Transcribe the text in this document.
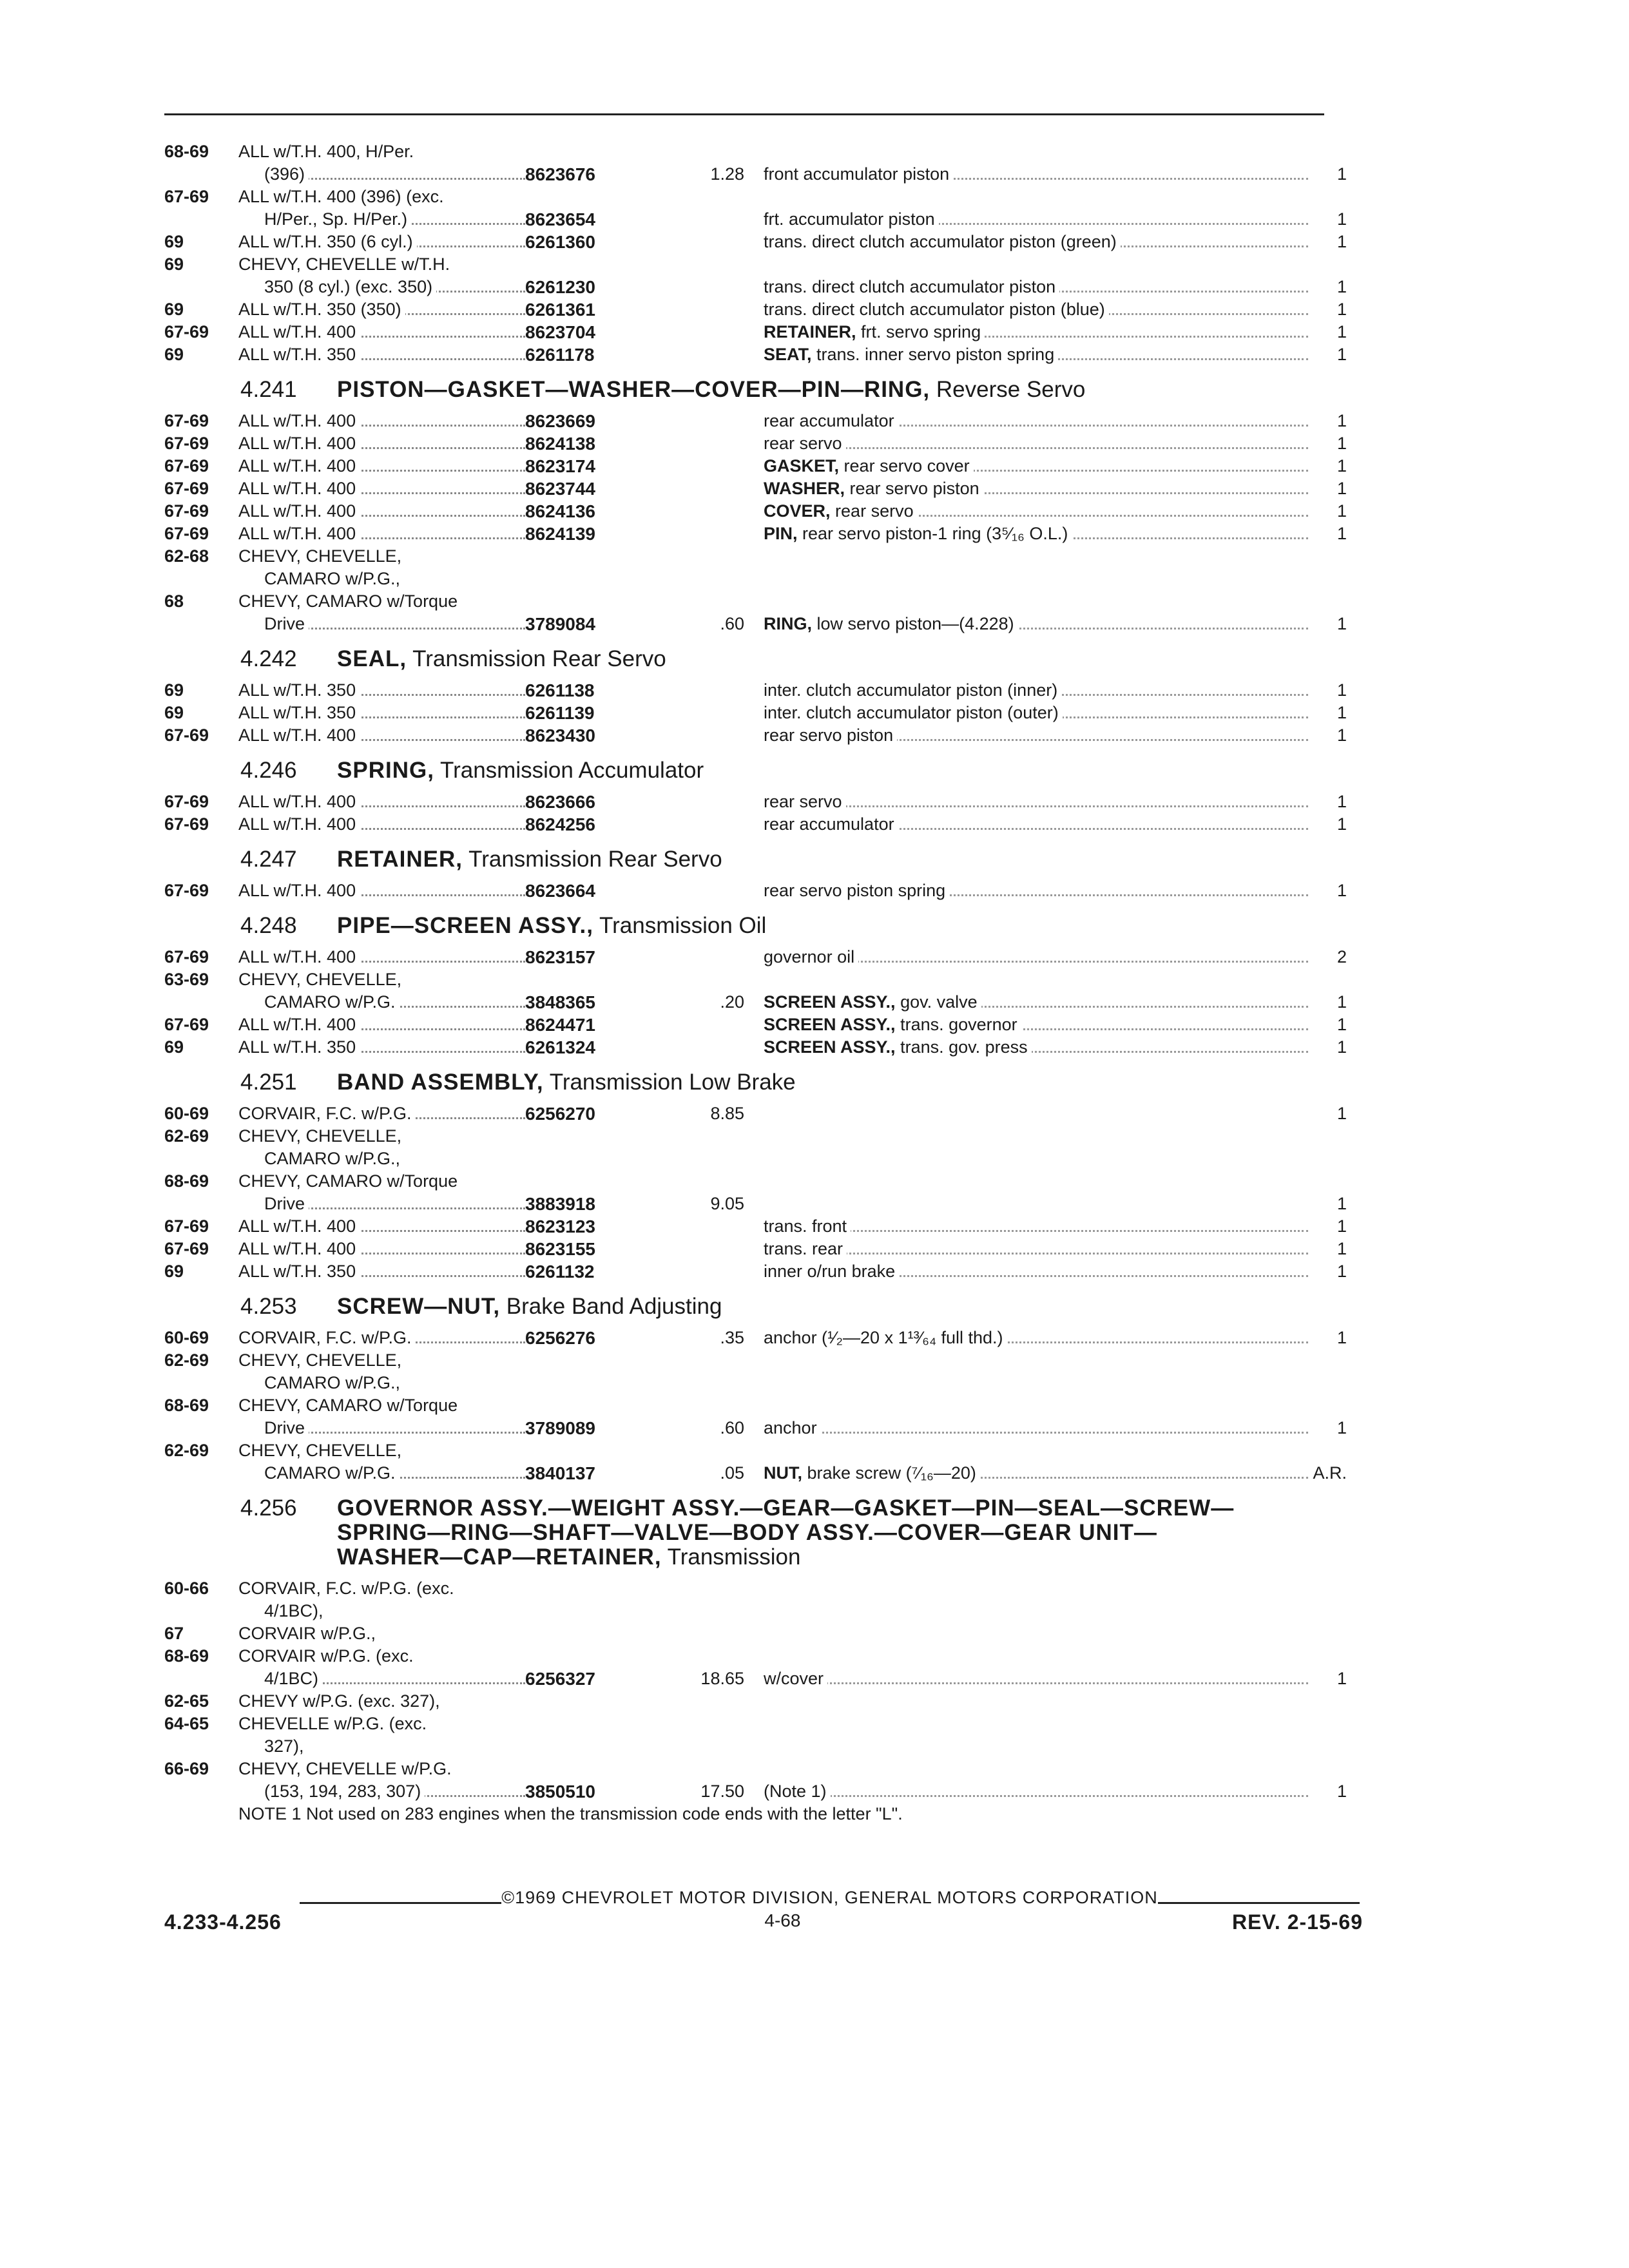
68-69	ALL w/T.H. 400, H/Per.
(396)	8623676	1.28	front accumulator piston	1
67-69	ALL w/T.H. 400 (396) (exc.
H/Per., Sp. H/Per.)	8623654	frt. accumulator piston	1
69	ALL w/T.H. 350 (6 cyl.)	6261360	trans. direct clutch accumulator piston (green)	1
69	CHEVY, CHEVELLE w/T.H.
350 (8 cyl.) (exc. 350)	6261230	trans. direct clutch accumulator piston	1
69	ALL w/T.H. 350 (350)	6261361	trans. direct clutch accumulator piston (blue)	1
67-69	ALL w/T.H. 400	8623704	RETAINER, frt. servo spring	1
69	ALL w/T.H. 350	6261178	SEAT, trans. inner servo piston spring	1
4.241	PISTON—GASKET—WASHER—COVER—PIN—RING, Reverse Servo
67-69	ALL w/T.H. 400	8623669	rear accumulator	1
67-69	ALL w/T.H. 400	8624138	rear servo	1
67-69	ALL w/T.H. 400	8623174	GASKET, rear servo cover	1
67-69	ALL w/T.H. 400	8623744	WASHER, rear servo piston	1
67-69	ALL w/T.H. 400	8624136	COVER, rear servo	1
67-69	ALL w/T.H. 400	8624139	PIN, rear servo piston-1 ring (3⁵⁄₁₆ O.L.)	1
62-68	CHEVY, CHEVELLE,
CAMARO w/P.G.,
68	CHEVY, CAMARO w/Torque
Drive	3789084	.60	RING, low servo piston—(4.228)	1
4.242	SEAL, Transmission Rear Servo
69	ALL w/T.H. 350	6261138	inter. clutch accumulator piston (inner)	1
69	ALL w/T.H. 350	6261139	inter. clutch accumulator piston (outer)	1
67-69	ALL w/T.H. 400	8623430	rear servo piston	1
4.246	SPRING, Transmission Accumulator
67-69	ALL w/T.H. 400	8623666	rear servo	1
67-69	ALL w/T.H. 400	8624256	rear accumulator	1
4.247	RETAINER, Transmission Rear Servo
67-69	ALL w/T.H. 400	8623664	rear servo piston spring	1
4.248	PIPE—SCREEN ASSY., Transmission Oil
67-69	ALL w/T.H. 400	8623157	governor oil	2
63-69	CHEVY, CHEVELLE,
CAMARO w/P.G.	3848365	.20	SCREEN ASSY., gov. valve	1
67-69	ALL w/T.H. 400	8624471	SCREEN ASSY., trans. governor	1
69	ALL w/T.H. 350	6261324	SCREEN ASSY., trans. gov. press	1
4.251	BAND ASSEMBLY, Transmission Low Brake
60-69	CORVAIR, F.C. w/P.G.	6256270	8.85	1
62-69	CHEVY, CHEVELLE,
CAMARO w/P.G.,
68-69	CHEVY, CAMARO w/Torque
Drive	3883918	9.05	1
67-69	ALL w/T.H. 400	8623123	trans. front	1
67-69	ALL w/T.H. 400	8623155	trans. rear	1
69	ALL w/T.H. 350	6261132	inner o/run brake	1
4.253	SCREW—NUT, Brake Band Adjusting
60-69	CORVAIR, F.C. w/P.G.	6256276	.35	anchor (¹⁄₂—20 x 1¹³⁄₆₄ full thd.)	1
62-69	CHEVY, CHEVELLE,
CAMARO w/P.G.,
68-69	CHEVY, CAMARO w/Torque
Drive	3789089	.60	anchor	1
62-69	CHEVY, CHEVELLE,
CAMARO w/P.G.	3840137	.05	NUT, brake screw (⁷⁄₁₆—20)	A.R.
4.256	GOVERNOR ASSY.—WEIGHT ASSY.—GEAR—GASKET—PIN—SEAL—SCREW—SPRING—RING—SHAFT—VALVE—BODY ASSY.—COVER—GEAR UNIT—WASHER—CAP—RETAINER, Transmission
60-66	CORVAIR, F.C. w/P.G. (exc.
4/1BC),
67	CORVAIR w/P.G.,
68-69	CORVAIR w/P.G. (exc.
4/1BC)	6256327	18.65	w/cover	1
62-65	CHEVY w/P.G. (exc. 327),
64-65	CHEVELLE w/P.G. (exc.
327),
66-69	CHEVY, CHEVELLE w/P.G.
(153, 194, 283, 307)	3850510	17.50	(Note 1)	1
NOTE 1 Not used on 283 engines when the transmission code ends with the letter "L".
©1969 CHEVROLET MOTOR DIVISION, GENERAL MOTORS CORPORATION
4.233-4.256	4-68	REV. 2-15-69
